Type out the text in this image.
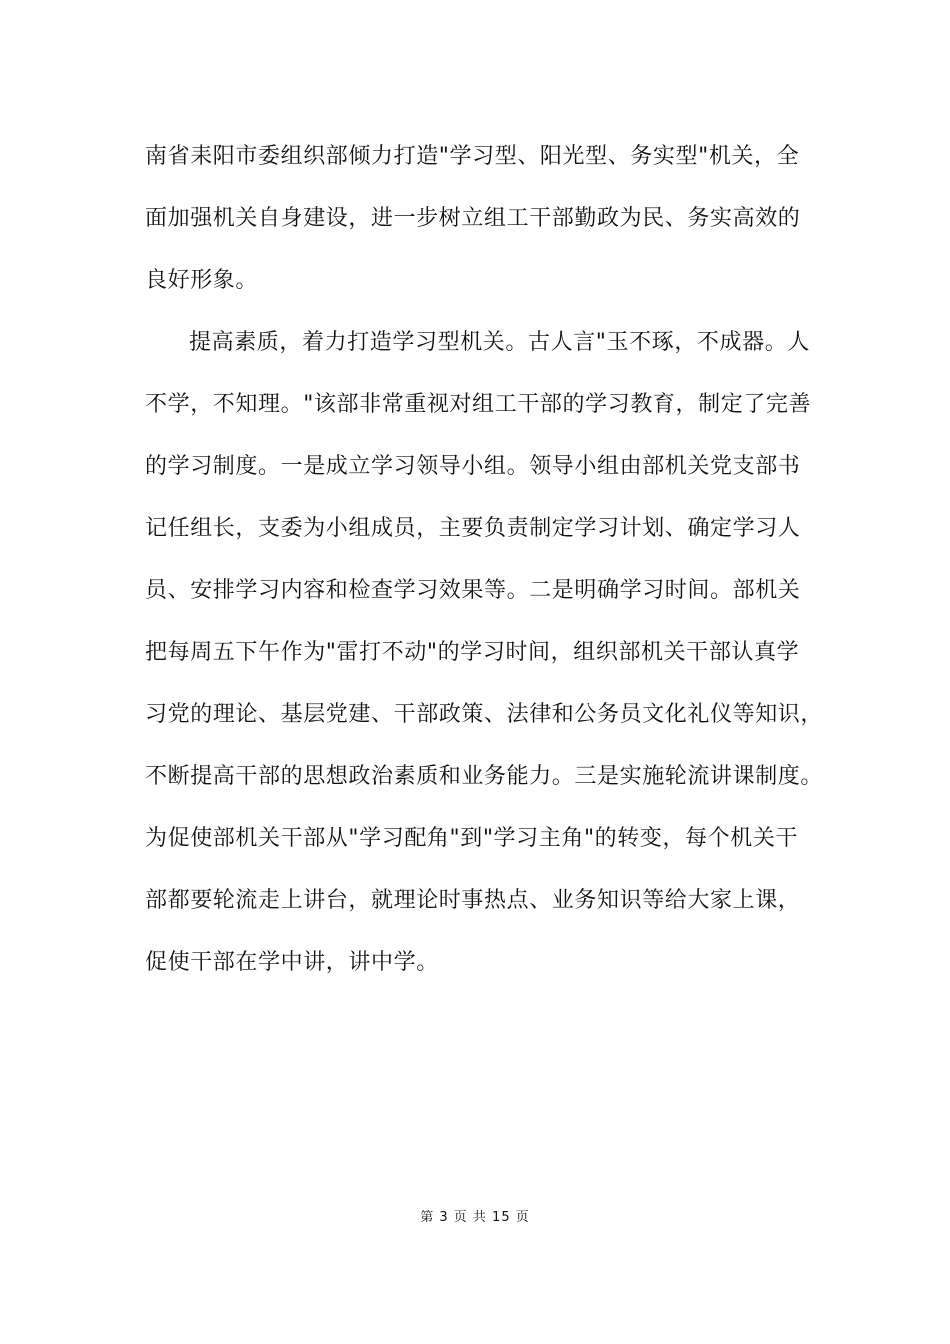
南省耒阳市委组织部倾力打造"学习型、阳光型、务实型"机关，全
面加强机关自身建设，进一步树立组工干部勤政为民、务实高效的
良好形象。
提高素质，着力打造学习型机关。古人言"玉不琢，不成器。人
不学，不知理。"该部非常重视对组工干部的学习教育，制定了完善
的学习制度。一是成立学习领导小组。领导小组由部机关党支部书
记任组长，支委为小组成员，主要负责制定学习计划、确定学习人
员、安排学习内容和检查学习效果等。二是明确学习时间。部机关
把每周五下午作为"雷打不动"的学习时间，组织部机关干部认真学
习党的理论、基层党建、干部政策、法律和公务员文化礼仪等知识，
不断提高干部的思想政治素质和业务能力。三是实施轮流讲课制度。
为促使部机关干部从"学习配角"到"学习主角"的转变，每个机关干
部都要轮流走上讲台，就理论时事热点、业务知识等给大家上课，
促使干部在学中讲，讲中学。
第 3 页 共 15 页
